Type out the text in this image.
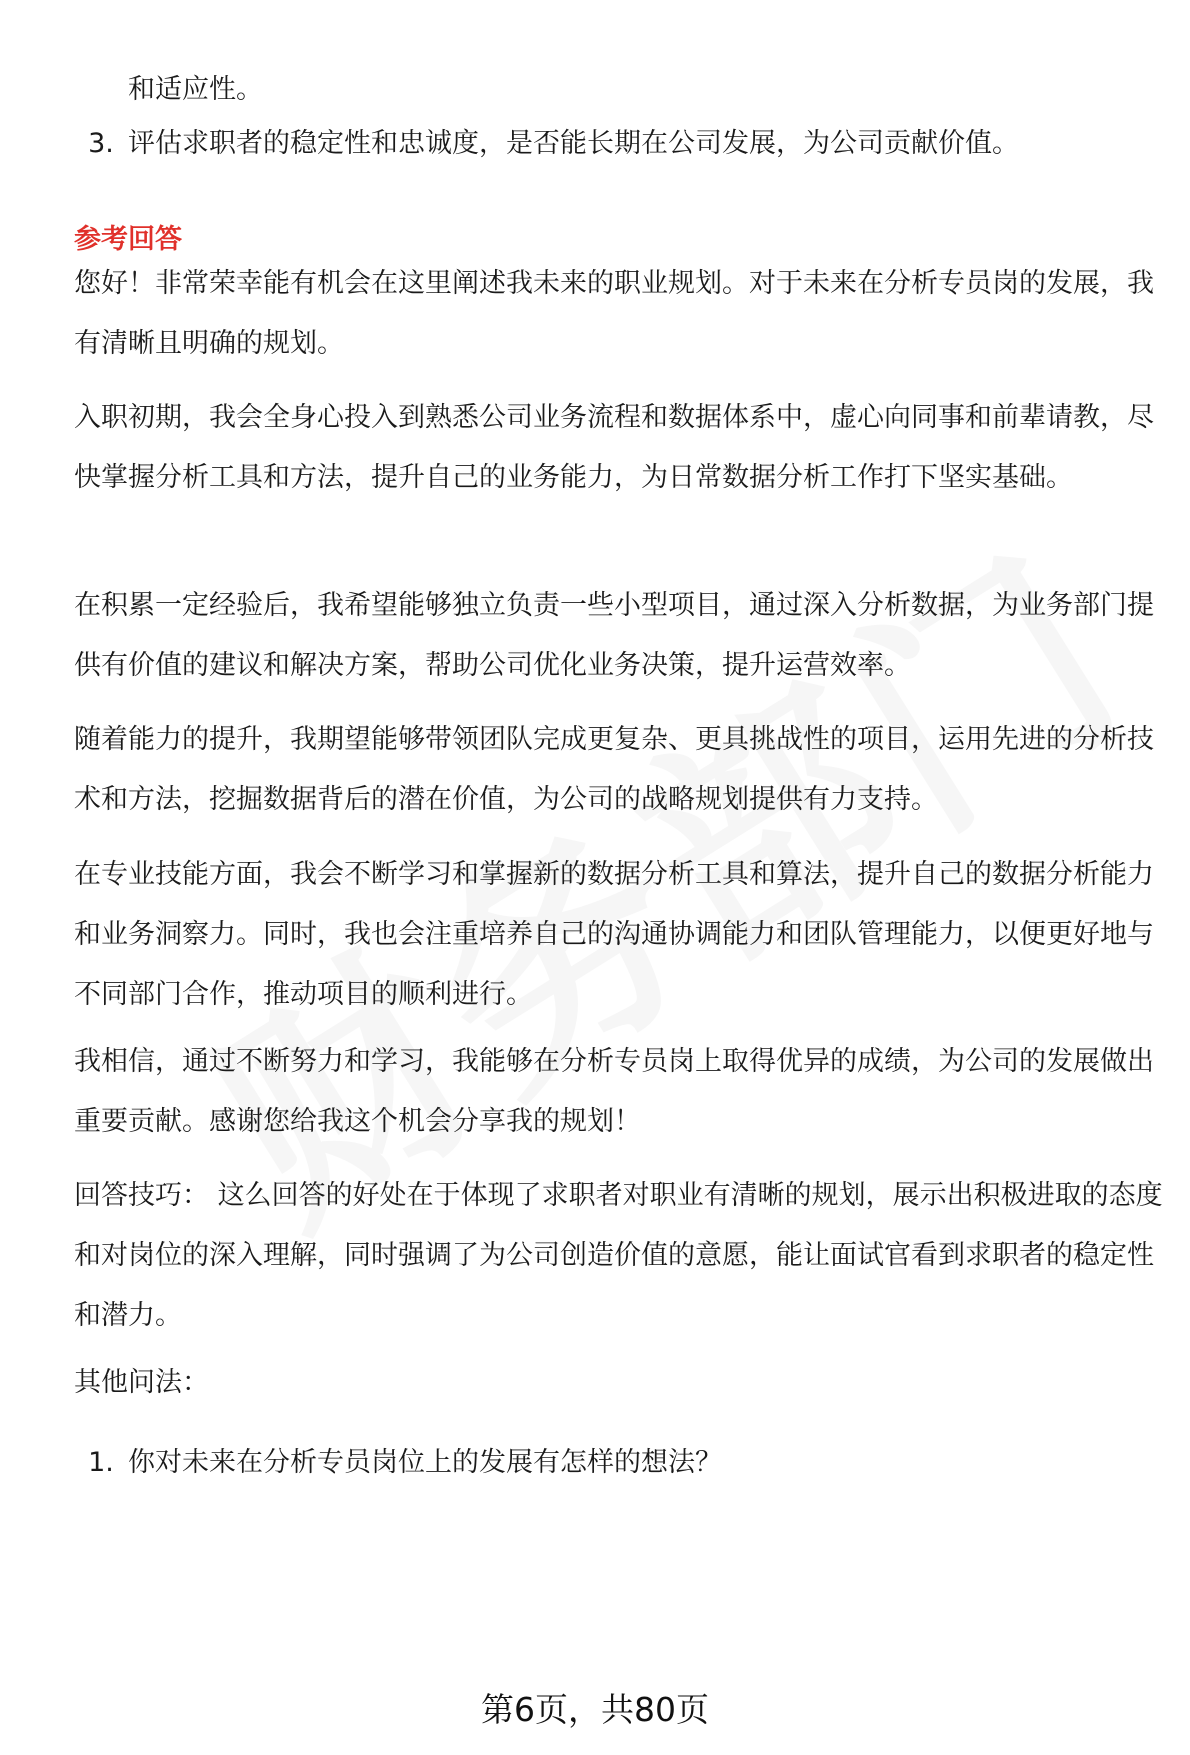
和适应性。

3. 评估求职者的稳定性和忠诚度，是否能长期在公司发展，为公司贡献价值。

参考回答

您好！非常荣幸能有机会在这里阐述我未来的职业规划。对于未来在分析专员岗的发展，我有清晰且明确的规划。

入职初期，我会全身心投入到熟悉公司业务流程和数据体系中，虚心向同事和前辈请教，尽快掌握分析工具和方法，提升自己的业务能力，为日常数据分析工作打下坚实基础。

在积累一定经验后，我希望能够独立负责一些小型项目，通过深入分析数据，为业务部门提供有价值的建议和解决方案，帮助公司优化业务决策，提升运营效率。

随着能力的提升，我期望能够带领团队完成更复杂、更具挑战性的项目，运用先进的分析技术和方法，挖掘数据背后的潜在价值，为公司的战略规划提供有力支持。

在专业技能方面，我会不断学习和掌握新的数据分析工具和算法，提升自己的数据分析能力和业务洞察力。同时，我也会注重培养自己的沟通协调能力和团队管理能力，以便更好地与不同部门合作，推动项目的顺利进行。

我相信，通过不断努力和学习，我能够在分析专员岗上取得优异的成绩，为公司的发展做出重要贡献。感谢您给我这个机会分享我的规划！

回答技巧： 这么回答的好处在于体现了求职者对职业有清晰的规划，展示出积极进取的态度和对岗位的深入理解，同时强调了为公司创造价值的意愿，能让面试官看到求职者的稳定性和潜力。

其他问法：

1. 你对未来在分析专员岗位上的发展有怎样的想法？
第6页，共80页
